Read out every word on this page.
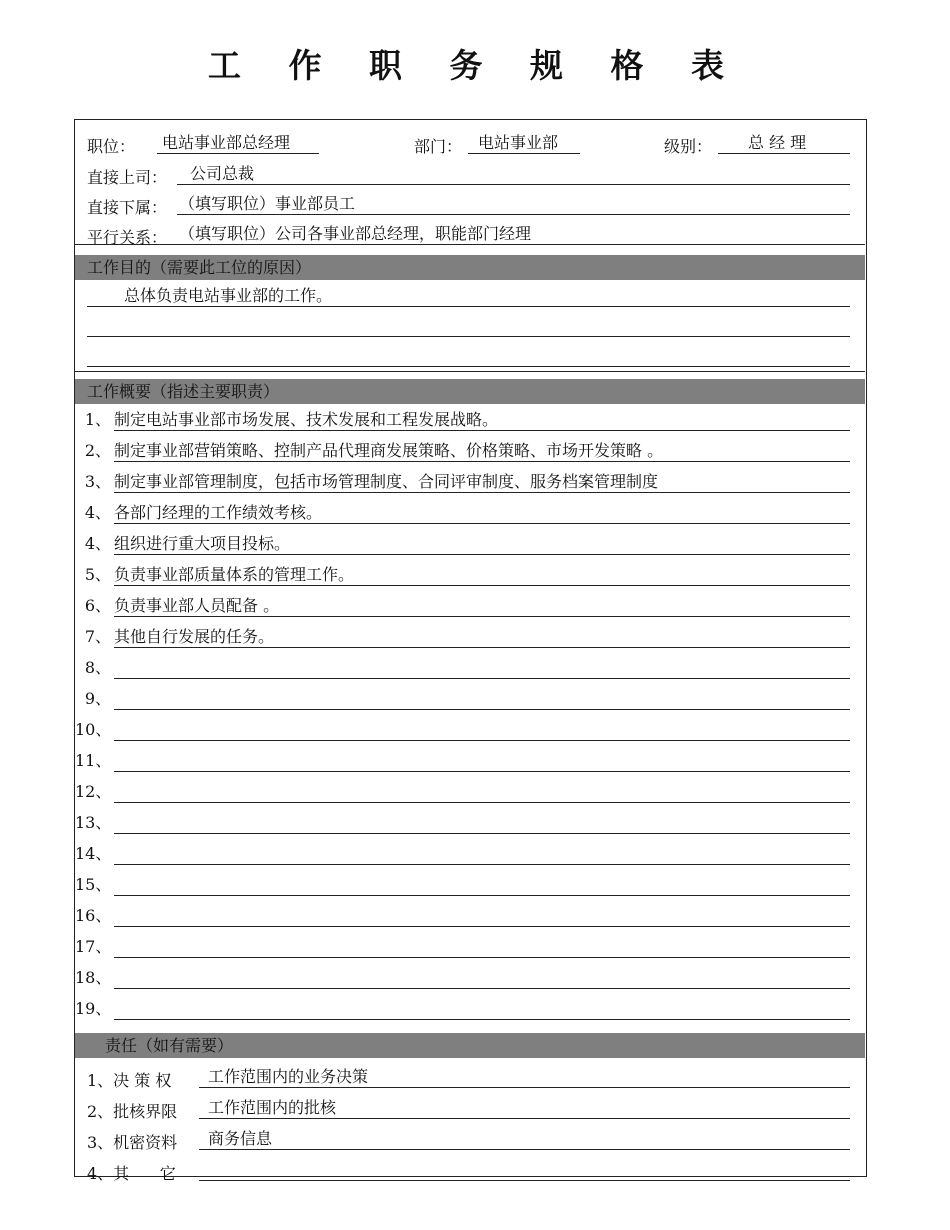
工 作 职 务 规 格 表
职位：	电站事业部总经理	部门： 电站事业部	级别：	总 经 理
直接上司：	公司总裁
直接下属： （填写职位）事业部员工
平行关系： （填写职位）公司各事业部总经理，职能部门经理
工作目的（需要此工位的原因）
总体负责电站事业部的工作。
工作概要（指述主要职责）
1、 制定电站事业部市场发展、技术发展和工程发展战略。
2、 制定事业部营销策略、控制产品代理商发展策略、价格策略、市场开发策略 。
3、 制定事业部管理制度，包括市场管理制度、合同评审制度、服务档案管理制度
4、 各部门经理的工作绩效考核。
4、 组织进行重大项目投标。
5、 负责事业部质量体系的管理工作。
6、 负责事业部人员配备 。
7、 其他自行发展的任务。
8、
9、
10、
11、
12、
13、
14、
15、
16、
17、
18、
19、
责任（如有需要）
1、决 策 权	工作范围内的业务决策
2、批核界限	工作范围内的批核
3、机密资料	商务信息
4、其      它
